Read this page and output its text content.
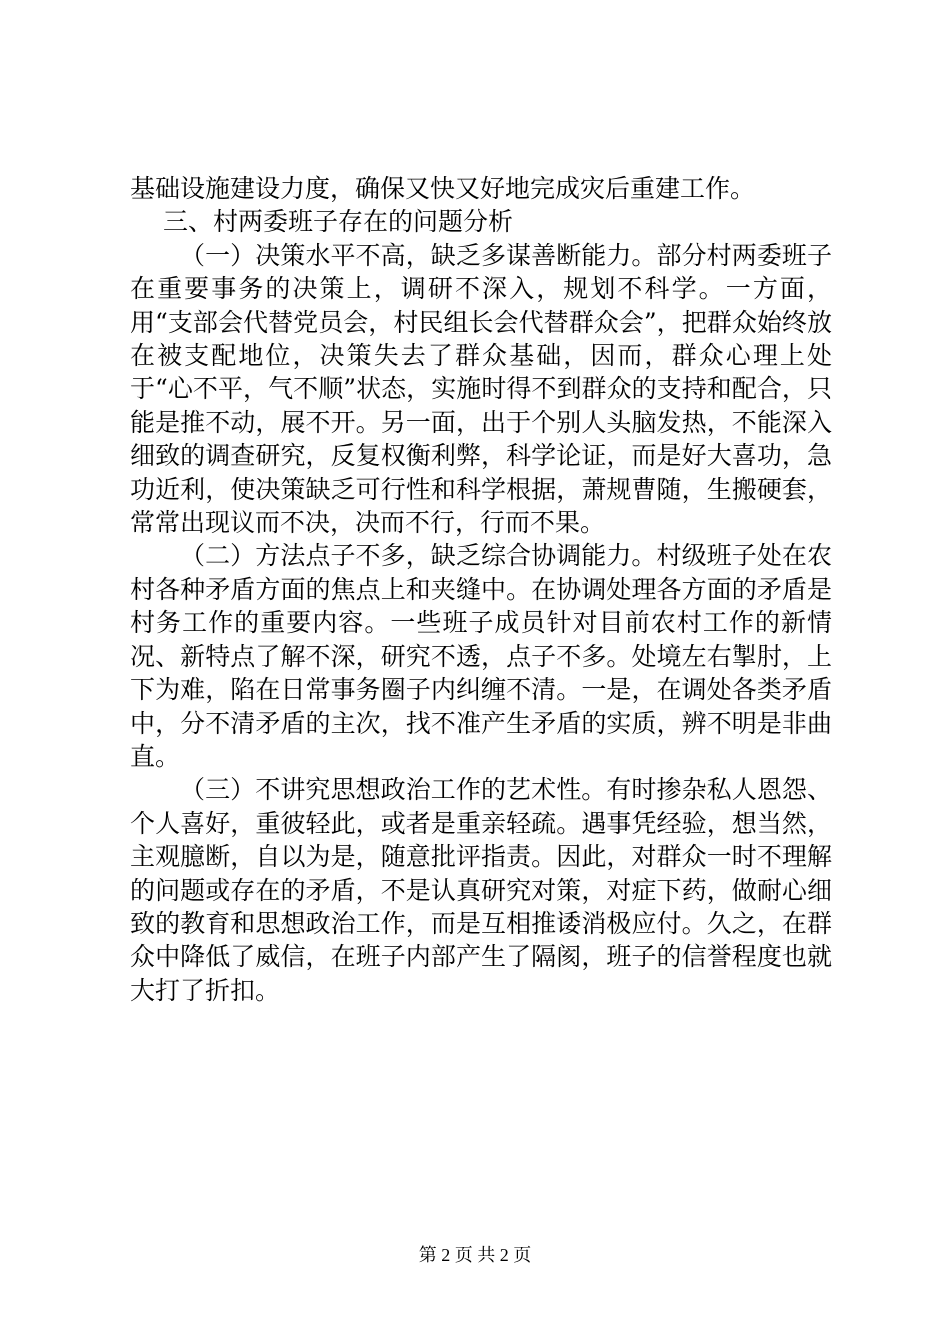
基础设施建设力度，确保又快又好地完成灾后重建工作。

三、村两委班子存在的问题分析

（一）决策水平不高，缺乏多谋善断能力。部分村两委班子在重要事务的决策上，调研不深入，规划不科学。一方面，用“支部会代替党员会，村民组长会代替群众会”，把群众始终放在被支配地位，决策失去了群众基础，因而，群众心理上处于“心不平，气不顺”状态，实施时得不到群众的支持和配合，只能是推不动，展不开。另一面，出于个别人头脑发热，不能深入细致的调查研究，反复权衡利弊，科学论证，而是好大喜功，急功近利，使决策缺乏可行性和科学根据，萧规曹随，生搬硬套，常常出现议而不决，决而不行，行而不果。

（二）方法点子不多，缺乏综合协调能力。村级班子处在农村各种矛盾方面的焦点上和夹缝中。在协调处理各方面的矛盾是村务工作的重要内容。一些班子成员针对目前农村工作的新情况、新特点了解不深，研究不透，点子不多。处境左右掣肘，上下为难，陷在日常事务圈子内纠缠不清。一是，在调处各类矛盾中，分不清矛盾的主次，找不准产生矛盾的实质，辨不明是非曲直。

（三）不讲究思想政治工作的艺术性。有时掺杂私人恩怨、个人喜好，重彼轻此，或者是重亲轻疏。遇事凭经验，想当然，主观臆断，自以为是，随意批评指责。因此，对群众一时不理解的问题或存在的矛盾，不是认真研究对策，对症下药，做耐心细致的教育和思想政治工作，而是互相推诿消极应付。久之，在群众中降低了威信，在班子内部产生了隔阂，班子的信誉程度也就大打了折扣。

第 2 页 共 2 页
